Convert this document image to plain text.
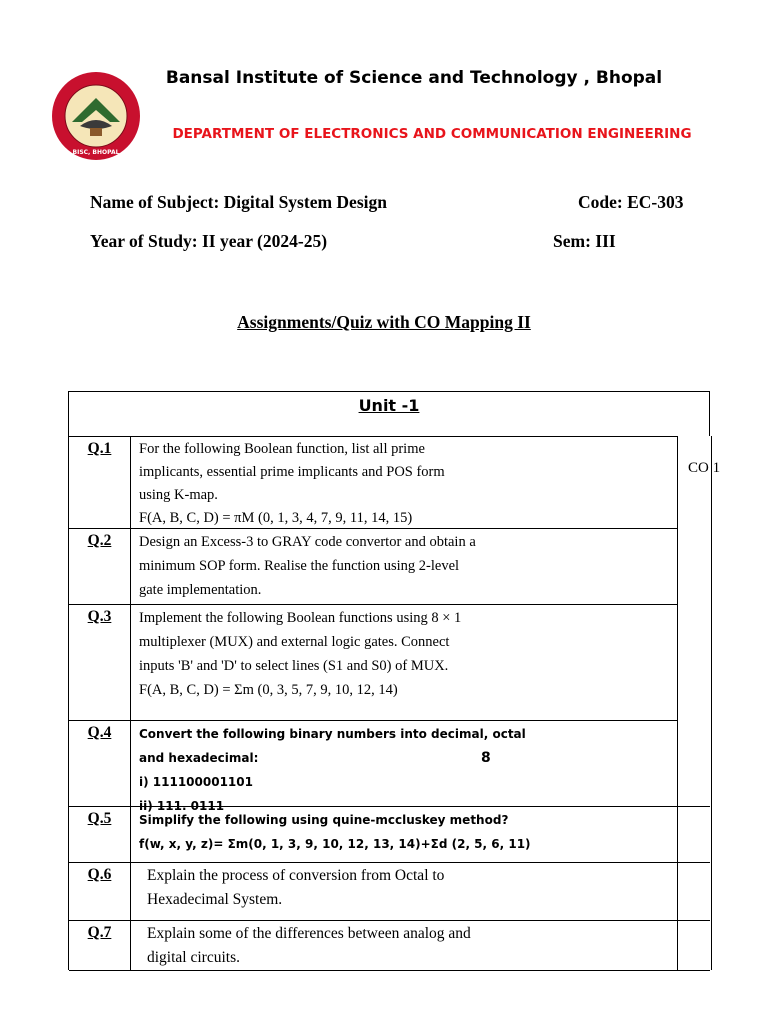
BISC, BHOPAL
Bansal Institute of Science and Technology , Bhopal
DEPARTMENT OF ELECTRONICS AND COMMUNICATION ENGINEERING
Name of Subject: Digital System Design	Code: EC-303
Year of Study: II year (2024-25)	Sem: III
Assignments/Quiz with CO Mapping II
Unit -1
Q.1	For the following Boolean function, list all prime
implicants, essential prime implicants and POS form
using K-map.
F(A, B, C, D) = πM (0, 1, 3, 4, 7, 9, 11, 14, 15)
CO 1
Q.2	Design an Excess-3 to GRAY code convertor and obtain a
minimum SOP form. Realise the function using 2-level
gate implementation.
Q.3	Implement the following Boolean functions using 8 × 1
multiplexer (MUX) and external logic gates. Connect
inputs 'B' and 'D' to select lines (S1 and S0) of MUX.
F(A, B, C, D) = Σm (0, 3, 5, 7, 9, 10, 12, 14)
Q.4	Convert the following binary numbers into decimal, octal
and hexadecimal:	8
i) 111100001101
ii) 111. 0111
Q.5	Simplify the following using quine-mccluskey method?
f(w, x, y, z)= Σm(0, 1, 3, 9, 10, 12, 13, 14)+Σd (2, 5, 6, 11)
Q.6	Explain the process of conversion from Octal to
Hexadecimal System.
Q.7	Explain some of the differences between analog and
digital circuits.
